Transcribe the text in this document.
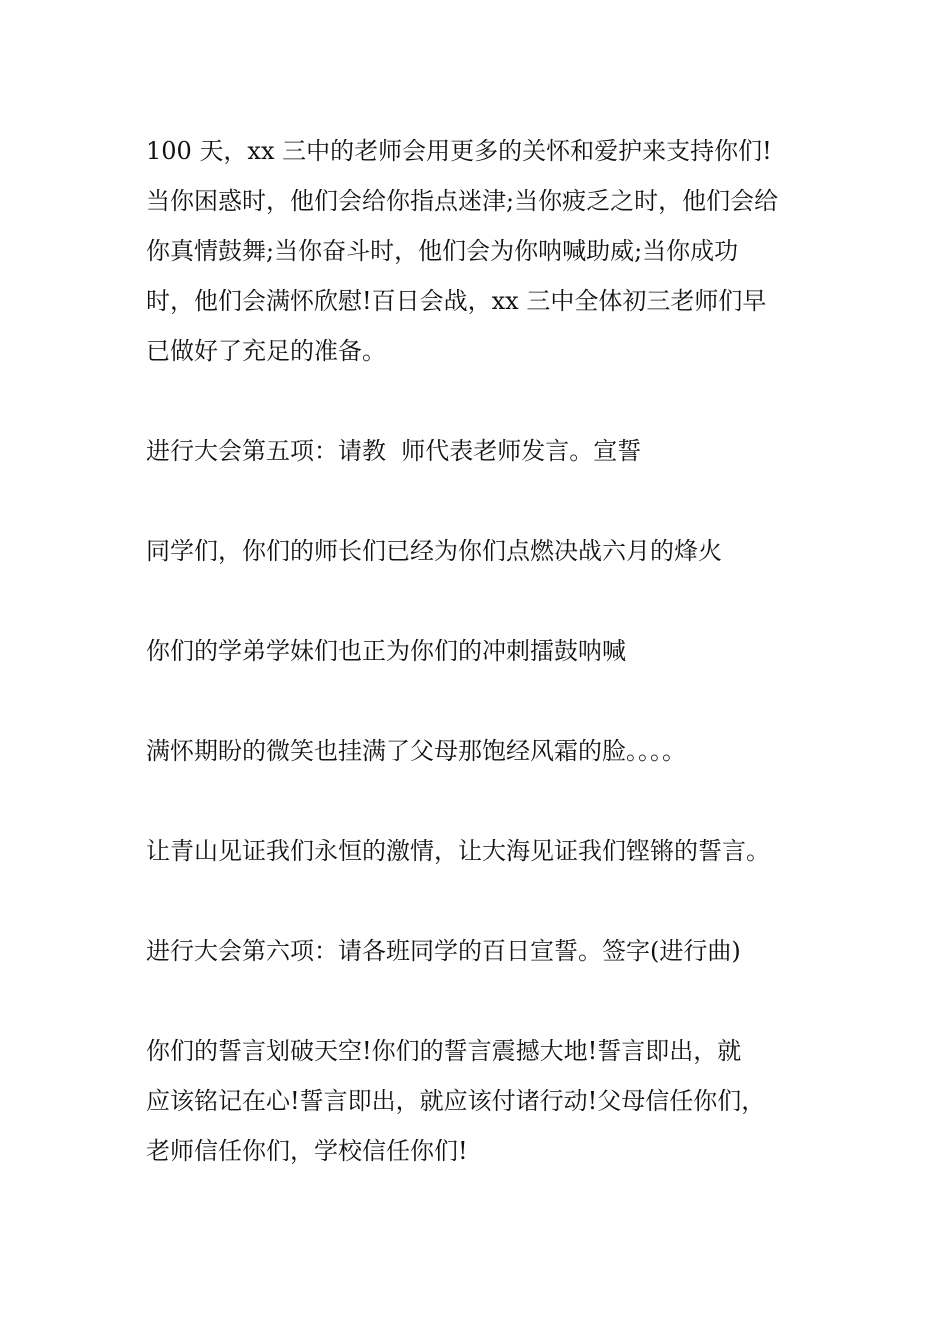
100 天，xx 三中的老师会用更多的关怀和爱护来支持你们!
当你困惑时，他们会给你指点迷津;当你疲乏之时，他们会给
你真情鼓舞;当你奋斗时，他们会为你呐喊助威;当你成功
时，他们会满怀欣慰!百日会战，xx 三中全体初三老师们早
已做好了充足的准备。

进行大会第五项：请教  师代表老师发言。宣誓

同学们，你们的师长们已经为你们点燃决战六月的烽火

你们的学弟学妹们也正为你们的冲刺擂鼓呐喊

满怀期盼的微笑也挂满了父母那饱经风霜的脸。。。。

让青山见证我们永恒的激情，让大海见证我们铿锵的誓言。

进行大会第六项：请各班同学的百日宣誓。签字(进行曲)

你们的誓言划破天空!你们的誓言震撼大地!誓言即出，就
应该铭记在心!誓言即出，就应该付诸行动!父母信任你们，
老师信任你们，学校信任你们!
